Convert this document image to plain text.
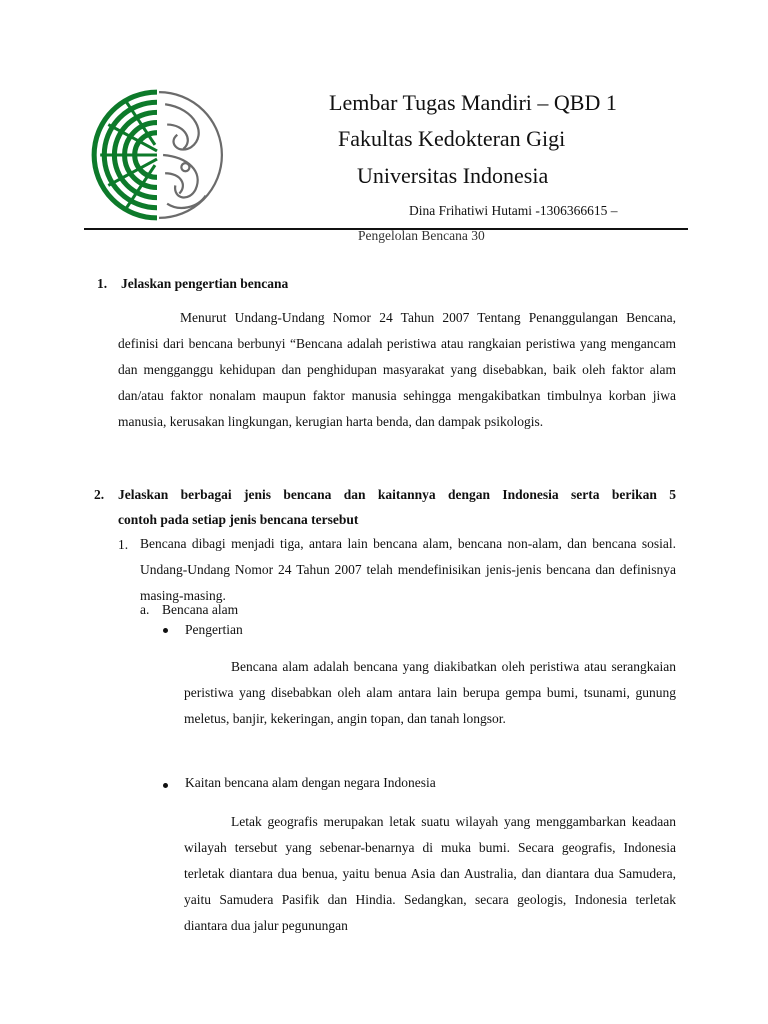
Lembar Tugas Mandiri – QBD 1
Fakultas Kedokteran Gigi
Universitas Indonesia
Dina Frihatiwi Hutami -1306366615 –
Pengelolan Bencana 30
1. Jelaskan pengertian bencana
Menurut Undang-Undang Nomor 24 Tahun 2007 Tentang Penanggulangan Bencana, definisi dari bencana berbunyi “Bencana adalah peristiwa atau rangkaian peristiwa yang mengancam dan mengganggu kehidupan dan penghidupan masyarakat yang disebabkan, baik oleh faktor alam dan/atau faktor nonalam maupun faktor manusia sehingga mengakibatkan timbulnya korban jiwa manusia, kerusakan lingkungan, kerugian harta benda, dan dampak psikologis.
2. Jelaskan berbagai jenis bencana dan kaitannya dengan Indonesia serta berikan 5
contoh pada setiap jenis bencana tersebut
1. Bencana dibagi menjadi tiga, antara lain bencana alam, bencana non-alam, dan bencana sosial. Undang-Undang Nomor 24 Tahun 2007 telah mendefinisikan jenis-jenis bencana dan definisnya masing-masing.
a. Bencana alam
Pengertian
Bencana alam adalah bencana yang diakibatkan oleh peristiwa atau serangkaian peristiwa yang disebabkan oleh alam antara lain berupa gempa bumi, tsunami, gunung meletus, banjir, kekeringan, angin topan, dan tanah longsor.
Kaitan bencana alam dengan negara Indonesia
Letak geografis merupakan letak suatu wilayah yang menggambarkan keadaan wilayah tersebut yang sebenar-benarnya di muka bumi. Secara geografis, Indonesia terletak diantara dua benua, yaitu benua Asia dan Australia, dan diantara dua Samudera, yaitu Samudera Pasifik dan Hindia. Sedangkan, secara geologis, Indonesia terletak diantara dua jalur pegunungan
